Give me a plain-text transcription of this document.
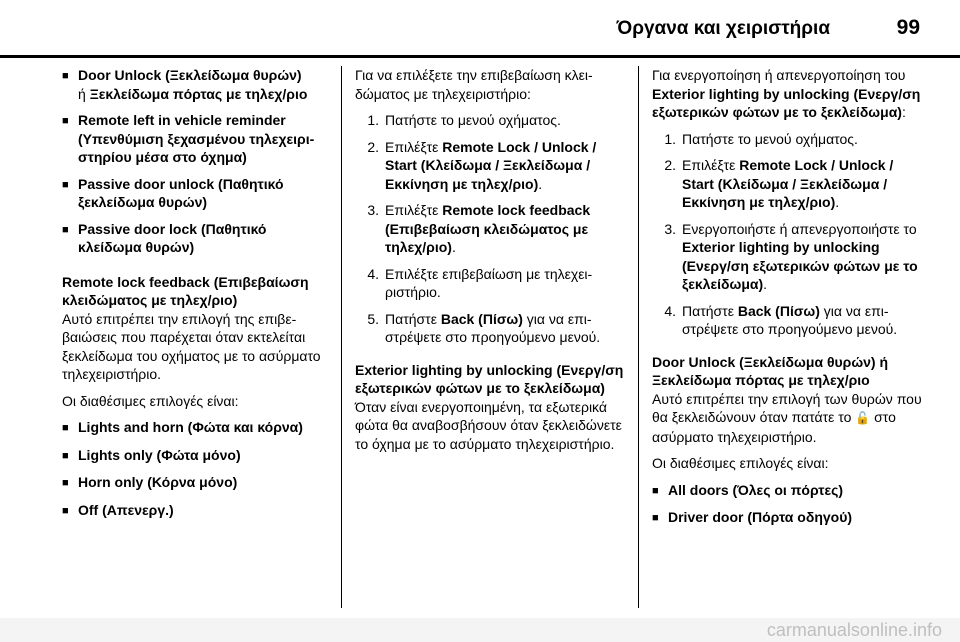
Όργανα και χειριστήρια	99
■ Door Unlock (Ξεκλείδωμα θυρών)
ή Ξεκλείδωμα πόρτας με τηλεχ/ριο
■ Remote left in vehicle reminder (Υπενθύμιση ξεχασμένου τηλεχειριστηρίου μέσα στο όχημα)
■ Passive door unlock (Παθητικό ξεκλείδωμα θυρών)
■ Passive door lock (Παθητικό κλείδωμα θυρών)

Remote lock feedback (Επιβεβαίωση κλειδώματος με τηλεχ/ριο)

Αυτό επιτρέπει την επιλογή της επιβεβαιώσεις που παρέχεται όταν εκτελείται ξεκλείδωμα του οχήματος με το ασύρματο τηλεχειριστήριο.

Οι διαθέσιμες επιλογές είναι:

■ Lights and horn (Φώτα και κόρνα)
■ Lights only (Φώτα μόνο)
■ Horn only (Κόρνα μόνο)
■ Off (Απενεργ.)

Για να επιλέξετε την επιβεβαίωση κλειδώματος με τηλεχειριστήριο:

1. Πατήστε το μενού οχήματος.
2. Επιλέξτε Remote Lock / Unlock / Start (Κλείδωμα / Ξεκλείδωμα / Εκκίνηση με τηλεχ/ριο).
3. Επιλέξτε Remote lock feedback (Επιβεβαίωση κλειδώματος με τηλεχ/ριο).
4. Επιλέξτε επιβεβαίωση με τηλεχειριστήριο.
5. Πατήστε Back (Πίσω) για να επιστρέψετε στο προηγούμενο μενού.

Exterior lighting by unlocking (Ενεργ/ση εξωτερικών φώτων με το ξεκλείδωμα)

Όταν είναι ενεργοποιημένη, τα εξωτερικά φώτα θα αναβοσβήσουν όταν ξεκλειδώνετε το όχημα με το ασύρματο τηλεχειριστήριο.

Για ενεργοποίηση ή απενεργοποίηση του Exterior lighting by unlocking (Ενεργ/ση εξωτερικών φώτων με το ξεκλείδωμα):

1. Πατήστε το μενού οχήματος.
2. Επιλέξτε Remote Lock / Unlock / Start (Κλείδωμα / Ξεκλείδωμα / Εκκίνηση με τηλεχ/ριο).
3. Ενεργοποιήστε ή απενεργοποιήστε το Exterior lighting by unlocking (Ενεργ/ση εξωτερικών φώτων με το ξεκλείδωμα).
4. Πατήστε Back (Πίσω) για να επιστρέψετε στο προηγούμενο μενού.

Door Unlock (Ξεκλείδωμα θυρών) ή Ξεκλείδωμα πόρτας με τηλεχ/ριο

Αυτό επιτρέπει την επιλογή των θυρών που θα ξεκλειδώνουν όταν πατάτε το 🔓 στο ασύρματο τηλεχειριστήριο.

Οι διαθέσιμες επιλογές είναι:

■ All doors (Όλες οι πόρτες)
■ Driver door (Πόρτα οδηγού)
carmanualsonline.info
